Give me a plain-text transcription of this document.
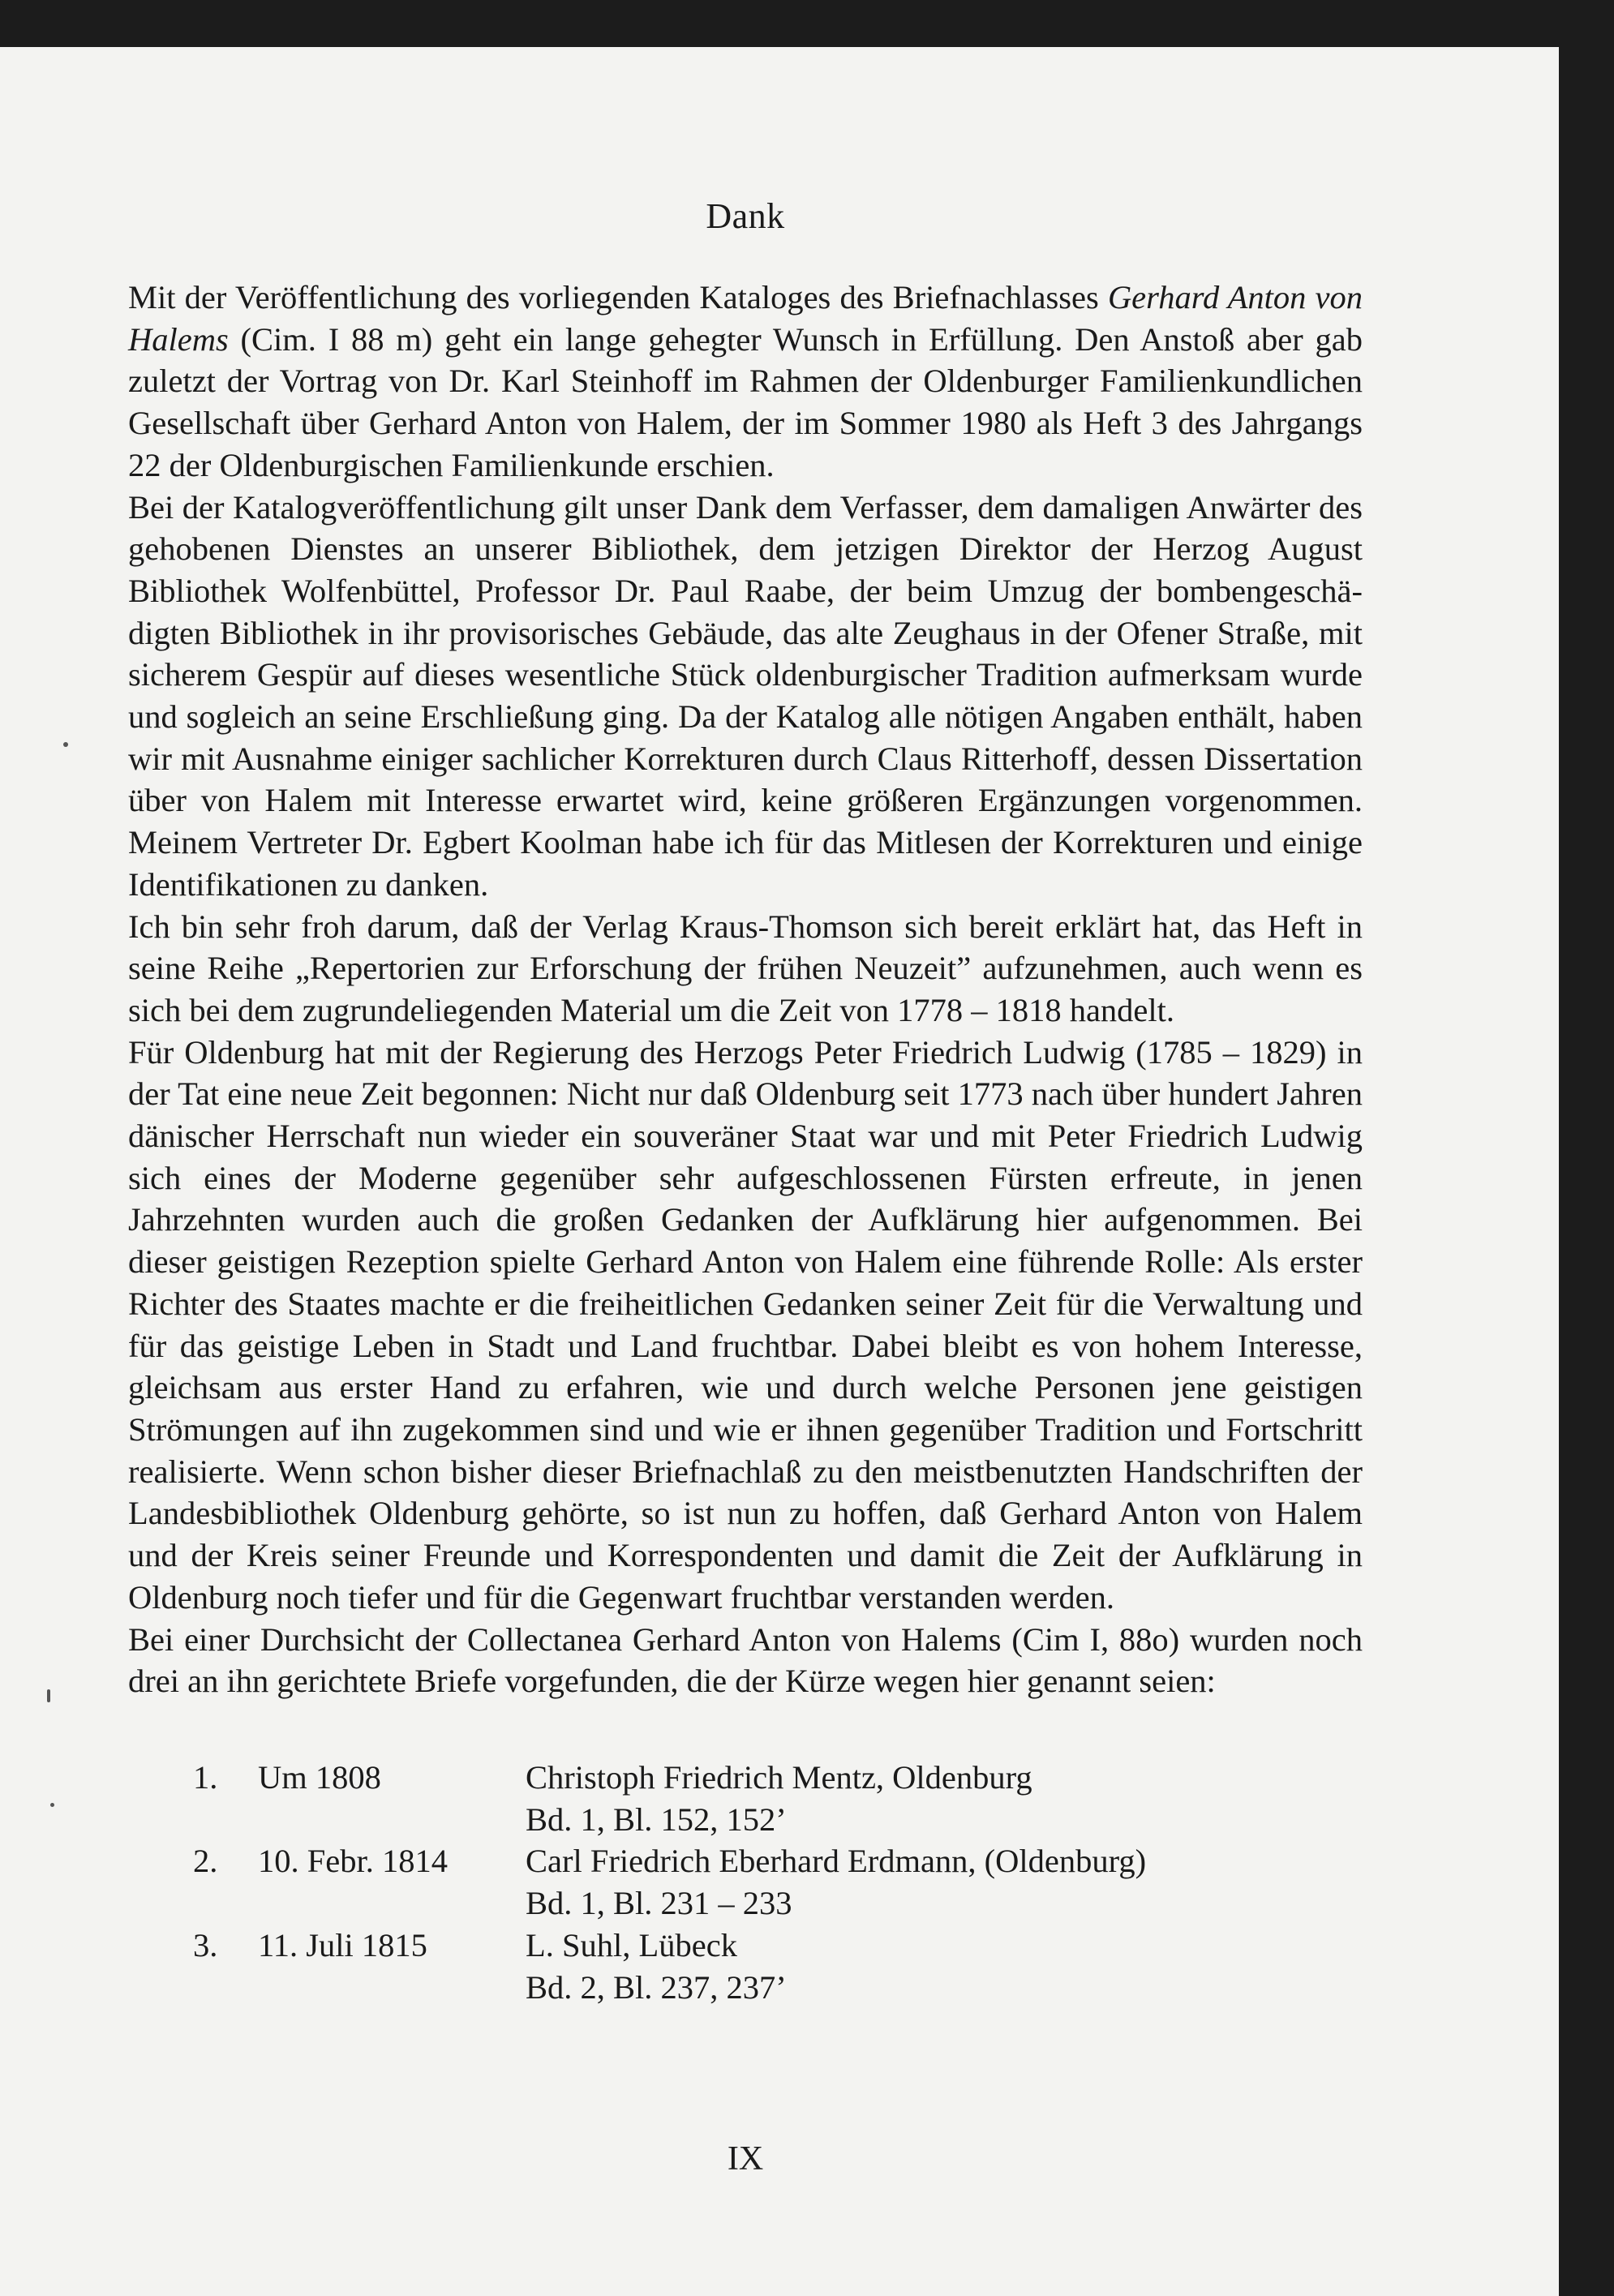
Dank

Mit der Veröffentlichung des vorliegenden Kataloges des Briefnachlasses Gerhard Anton von Halems (Cim. I 88 m) geht ein lange gehegter Wunsch in Erfüllung. Den Anstoß aber gab zuletzt der Vortrag von Dr. Karl Steinhoff im Rahmen der Oldenburger Familienkundlichen Gesellschaft über Gerhard Anton von Halem, der im Sommer 1980 als Heft 3 des Jahrgangs 22 der Oldenburgischen Familienkunde erschien.

Bei der Katalogveröffentlichung gilt unser Dank dem Verfasser, dem damaligen Anwärter des gehobenen Dienstes an unserer Bibliothek, dem jetzigen Direktor der Herzog August Bibliothek Wolfenbüttel, Professor Dr. Paul Raabe, der beim Umzug der bombengeschädigten Bibliothek in ihr provisorisches Gebäude, das alte Zeughaus in der Ofener Straße, mit sicherem Gespür auf dieses wesentliche Stück oldenburgischer Tradition aufmerksam wurde und sogleich an seine Erschließung ging. Da der Katalog alle nötigen Angaben enthält, haben wir mit Ausnahme einiger sachlicher Korrekturen durch Claus Ritterhoff, dessen Dissertation über von Halem mit Interesse erwartet wird, keine größeren Ergänzungen vorgenommen. Meinem Vertreter Dr. Egbert Koolman habe ich für das Mitlesen der Korrekturen und einige Identifikationen zu danken.

Ich bin sehr froh darum, daß der Verlag Kraus-Thomson sich bereit erklärt hat, das Heft in seine Reihe „Repertorien zur Erforschung der frühen Neuzeit” aufzunehmen, auch wenn es sich bei dem zugrundeliegenden Material um die Zeit von 1778 – 1818 handelt.

Für Oldenburg hat mit der Regierung des Herzogs Peter Friedrich Ludwig (1785 – 1829) in der Tat eine neue Zeit begonnen: Nicht nur daß Oldenburg seit 1773 nach über hundert Jahren dänischer Herrschaft nun wieder ein souveräner Staat war und mit Peter Friedrich Ludwig sich eines der Moderne gegenüber sehr aufgeschlossenen Fürsten erfreute, in jenen Jahrzehnten wurden auch die großen Gedanken der Aufklärung hier aufgenommen. Bei dieser geistigen Rezeption spielte Gerhard Anton von Halem eine führende Rolle: Als erster Richter des Staates machte er die freiheitlichen Gedanken seiner Zeit für die Verwaltung und für das geistige Leben in Stadt und Land fruchtbar. Dabei bleibt es von hohem Interesse, gleichsam aus erster Hand zu erfahren, wie und durch welche Personen jene geistigen Strömungen auf ihn zugekommen sind und wie er ihnen gegenüber Tradition und Fortschritt realisierte. Wenn schon bisher dieser Briefnachlaß zu den meistbenutzten Handschriften der Landesbibliothek Oldenburg gehörte, so ist nun zu hoffen, daß Gerhard Anton von Halem und der Kreis seiner Freunde und Korrespondenten und damit die Zeit der Aufklärung in Oldenburg noch tiefer und für die Gegenwart fruchtbar verstanden werden.

Bei einer Durchsicht der Collectanea Gerhard Anton von Halems (Cim I, 88o) wurden noch drei an ihn gerichtete Briefe vorgefunden, die der Kürze wegen hier genannt seien:

1.	Um 1808	Christoph Friedrich Mentz, Oldenburg
Bd. 1, Bl. 152, 152’
2.	10. Febr. 1814	Carl Friedrich Eberhard Erdmann, (Oldenburg)
Bd. 1, Bl. 231 – 233
3.	11. Juli 1815	L. Suhl, Lübeck
Bd. 2, Bl. 237, 237’
IX
